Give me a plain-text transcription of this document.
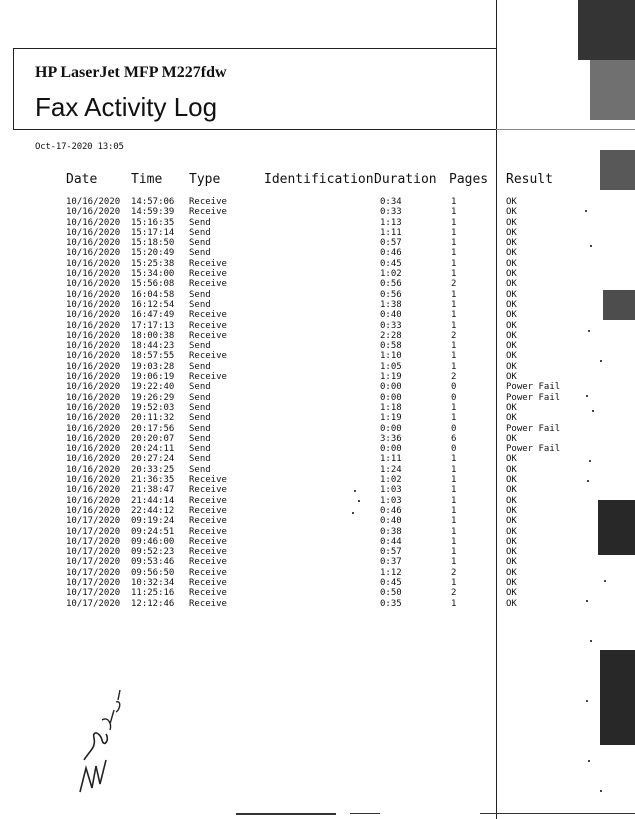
HP LaserJet MFP M227fdw
Fax Activity Log
Oct-17-2020 13:05
Date	Time Type	Identification Duration Pages Result
10/16/2020 14:57:06 Receive	0:34	1	OK
10/16/2020 14:59:39 Receive	0:33	1	OK
10/16/2020 15:16:35 Send	1:13	1	OK
10/16/2020 15:17:14 Send	1:11	1	OK
10/16/2020 15:18:50 Send	0:57	1	OK
10/16/2020 15:20:49 Send	0:46	1	OK
10/16/2020 15:25:38 Receive	0:45	1	OK
10/16/2020 15:34:00 Receive	1:02	1	OK
10/16/2020 15:56:08 Receive	0:56	2	OK
10/16/2020 16:04:58 Send	0:56	1	OK
10/16/2020 16:12:54 Send	1:38	1	OK
10/16/2020 16:47:49 Receive	0:40	1	OK
10/16/2020 17:17:13 Receive	0:33	1	OK
10/16/2020 18:00:38 Receive	2:28	2	OK
10/16/2020 18:44:23 Send	0:58	1	OK
10/16/2020 18:57:55 Receive	1:10	1	OK
10/16/2020 19:03:28 Send	1:05	1	OK
10/16/2020 19:06:19 Receive	1:19	2	OK
10/16/2020 19:22:40 Send	0:00	0	Power Fail
10/16/2020 19:26:29 Send	0:00	0	Power Fail
10/16/2020 19:52:03 Send	1:18	1	OK
10/16/2020 20:11:32 Send	1:19	1	OK
10/16/2020 20:17:56 Send	0:00	0	Power Fail
10/16/2020 20:20:07 Send	3:36	6	OK
10/16/2020 20:24:11 Send	0:00	0	Power Fail
10/16/2020 20:27:24 Send	1:11	1	OK
10/16/2020 20:33:25 Send	1:24	1	OK
10/16/2020 21:36:35 Receive	1:02	1	OK
10/16/2020 21:38:47 Receive	1:03	1	OK
10/16/2020 21:44:14 Receive	1:03	1	OK
10/16/2020 22:44:12 Receive	0:46	1	OK
10/17/2020 09:19:24 Receive	0:40	1	OK
10/17/2020 09:24:51 Receive	0:38	1	OK
10/17/2020 09:46:00 Receive	0:44	1	OK
10/17/2020 09:52:23 Receive	0:57	1	OK
10/17/2020 09:53:46 Receive	0:37	1	OK
10/17/2020 09:56:50 Receive	1:12	2	OK
10/17/2020 10:32:34 Receive	0:45	1	OK
10/17/2020 11:25:16 Receive	0:50	2	OK
10/17/2020 12:12:46 Receive	0:35	1	OK
